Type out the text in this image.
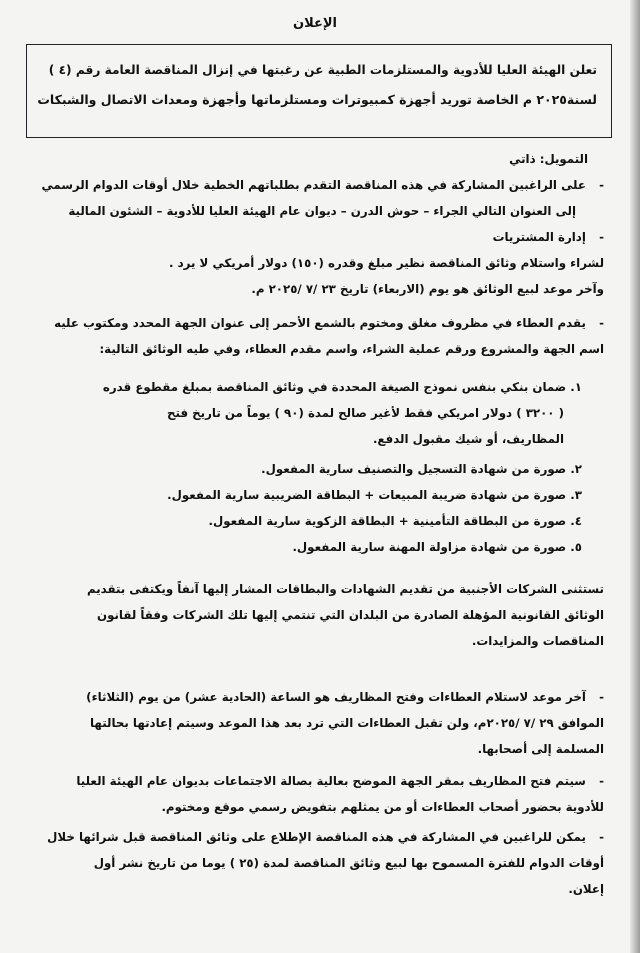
الإعلان
تعلن الهيئة العليا للأدوية والمستلزمات الطبية عن رغبتها في إنزال المناقصة العامة رقم (٤ )
لسنة٢٠٢٥ م الخاصة توريد أجهزة كمبيوترات ومستلزماتها وأجهزة ومعدات الاتصال والشبكات
التمويل: ذاتي
- على الراغبين المشاركة في هذه المناقصة التقدم بطلباتهم الخطية خلال أوقات الدوام الرسمي
إلى العنوان التالي الجراء – حوش الدرن – ديوان عام الهيئة العليا للأدوية – الشئون المالية
- إدارة المشتريات
لشراء واستلام وثائق المناقصة نظير مبلغ وقدره (١٥٠) دولار أمريكي لا يرد .
وآخر موعد لبيع الوثائق هو يوم (الاربعاء) تاريخ ٢٣ /٧ /٢٠٢٥ م.
- يقدم العطاء في مظروف مغلق ومختوم بالشمع الأحمر إلى عنوان الجهة المحدد ومكتوب عليه
اسم الجهة والمشروع ورقم عملية الشراء، واسم مقدم العطاء، وفي طيه الوثائق التالية:
١. ضمان بنكي بنفس نموذج الصيغة المحددة في وثائق المناقصة بمبلغ مقطوع قدره
( ٣٢٠٠ ) دولار امريكي فقط لأغير صالح لمدة (٩٠ ) يوماً من تاريخ فتح
المظاريف، أو شيك مقبول الدفع.
٢. صورة من شهادة التسجيل والتصنيف سارية المفعول.
٣. صورة من شهادة ضريبة المبيعات + البطاقة الضريبية سارية المفعول.
٤. صورة من البطاقة التأمينية + البطاقة الزكوية سارية المفعول.
٥. صورة من شهادة مزاولة المهنة سارية المفعول.
تستثنى الشركات الأجنبية من تقديم الشهادات والبطاقات المشار إليها آنفاً ويكتفى بتقديم
الوثائق القانونية المؤهلة الصادرة من البلدان التي تنتمي إليها تلك الشركات وفقاً لقانون
المناقصات والمزايدات.
- آخر موعد لاستلام العطاءات وفتح المظاريف هو الساعة (الحادية عشر) من يوم (الثلاثاء)
الموافق ٢٩ /٧ /٢٠٢٥م، ولن تقبل العطاءات التي ترد بعد هذا الموعد وسيتم إعادتها بحالتها
المسلمة إلى أصحابها.
- سيتم فتح المظاريف بمقر الجهة الموضح بعالية بصالة الاجتماعات بديوان عام الهيئة العليا
للأدوية بحضور أصحاب العطاءات أو من يمثلهم بتفويض رسمي موقع ومختوم.
- يمكن للراغبين في المشاركة في هذه المناقصة الإطلاع على وثائق المناقصة قبل شرائها خلال
أوقات الدوام للفترة المسموح بها لبيع وثائق المناقصة لمدة (٢٥ ) يوما من تاريخ نشر أول
إعلان.
